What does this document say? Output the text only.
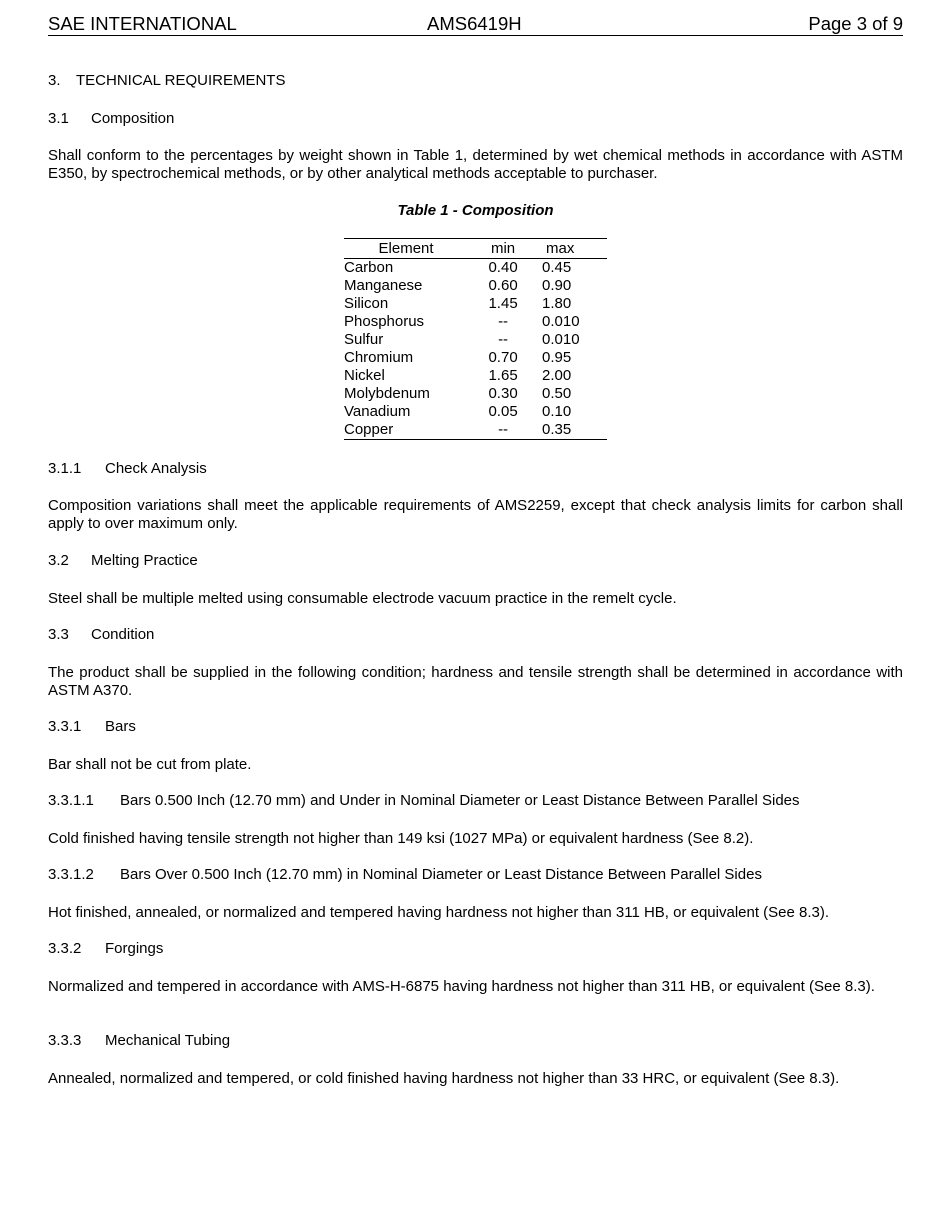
SAE INTERNATIONAL	AMS6419H	Page 3 of 9
3. TECHNICAL REQUIREMENTS
3.1 Composition
Shall conform to the percentages by weight shown in Table 1, determined by wet chemical methods in accordance with ASTM E350, by spectrochemical methods, or by other analytical methods acceptable to purchaser.
Table 1 - Composition
Element	min	max
Carbon	0.40	0.45
Manganese	0.60	0.90
Silicon	1.45	1.80
Phosphorus	--	0.010
Sulfur	--	0.010
Chromium	0.70	0.95
Nickel	1.65	2.00
Molybdenum	0.30	0.50
Vanadium	0.05	0.10
Copper	--	0.35
3.1.1 Check Analysis
Composition variations shall meet the applicable requirements of AMS2259, except that check analysis limits for carbon shall apply to over maximum only.
3.2 Melting Practice
Steel shall be multiple melted using consumable electrode vacuum practice in the remelt cycle.
3.3 Condition
The product shall be supplied in the following condition; hardness and tensile strength shall be determined in accordance with ASTM A370.
3.3.1 Bars
Bar shall not be cut from plate.
3.3.1.1 Bars 0.500 Inch (12.70 mm) and Under in Nominal Diameter or Least Distance Between Parallel Sides
Cold finished having tensile strength not higher than 149 ksi (1027 MPa) or equivalent hardness (See 8.2).
3.3.1.2 Bars Over 0.500 Inch (12.70 mm) in Nominal Diameter or Least Distance Between Parallel Sides
Hot finished, annealed, or normalized and tempered having hardness not higher than 311 HB, or equivalent (See 8.3).
3.3.2 Forgings
Normalized and tempered in accordance with AMS-H-6875 having hardness not higher than 311 HB, or equivalent (See 8.3).
3.3.3 Mechanical Tubing
Annealed, normalized and tempered, or cold finished having hardness not higher than 33 HRC, or equivalent (See 8.3).
